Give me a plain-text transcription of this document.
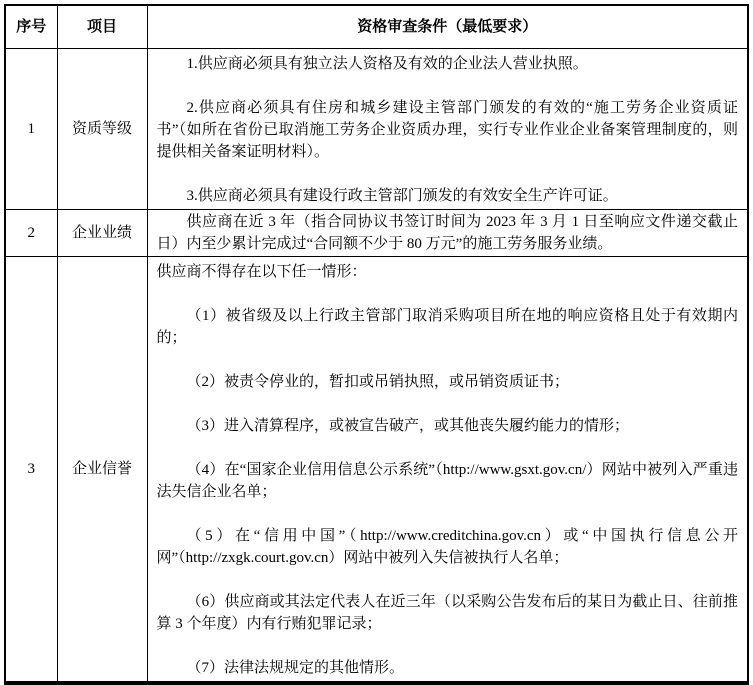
序号	项目	资格审查条件（最低要求）
1	资质等级	1.供应商必须具有独立法人资格及有效的企业法人营业执照。

2.供应商必须具有住房和城乡建设主管部门颁发的有效的“施工劳务企业资质证书”（如所在省份已取消施工劳务企业资质办理，实行专业作业企业备案管理制度的，则提供相关备案证明材料）。

3.供应商必须具有建设行政主管部门颁发的有效安全生产许可证。

2	企业业绩	供应商在近 3 年（指合同协议书签订时间为 2023 年 3 月 1 日至响应文件递交截止日）内至少累计完成过“合同额不少于 80 万元”的施工劳务服务业绩。

3	企业信誉	

供应商不得存在以下任一情形：

（1）被省级及以上行政主管部门取消采购项目所在地的响应资格且处于有效期内的；

（2）被责令停业的，暂扣或吊销执照，或吊销资质证书；

（3）进入清算程序，或被宣告破产，或其他丧失履约能力的情形；

（4）在“国家企业信用信息公示系统”（http://www.gsxt.gov.cn/）网站中被列入严重违法失信企业名单；

（5）在“信用中国”（http://www.creditchina.gov.cn）或“中国执行信息公开网”（http://zxgk.court.gov.cn）网站中被列入失信被执行人名单；

（6）供应商或其法定代表人在近三年（以采购公告发布后的某日为截止日、往前推算 3 个年度）内有行贿犯罪记录；

（7）法律法规规定的其他情形。
